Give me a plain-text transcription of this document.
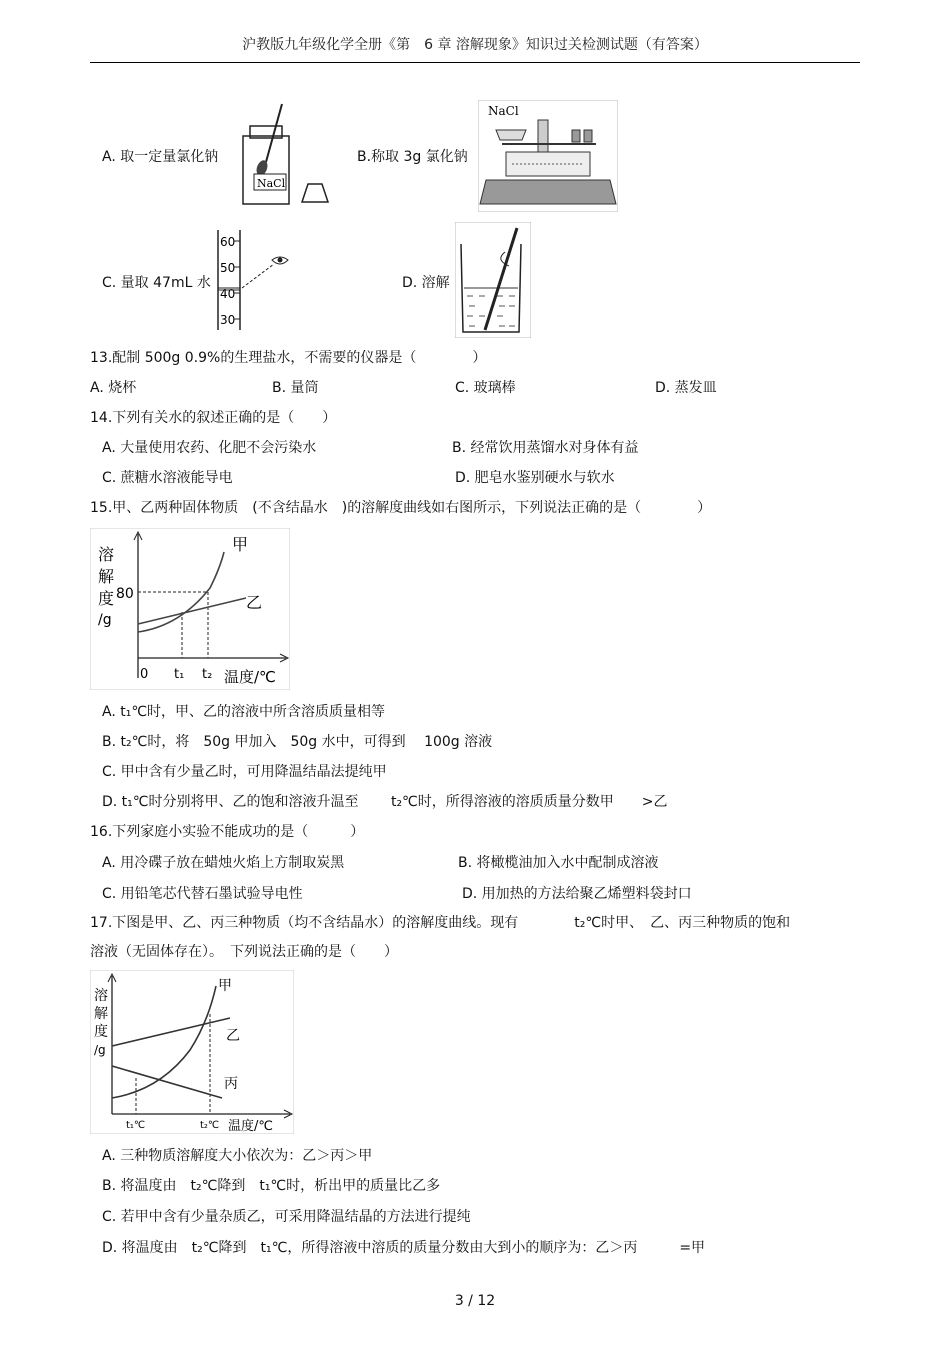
沪教版九年级化学全册《第　6 章 溶解现象》知识过关检测试题（有答案）
A. 取一定量氯化钠
NaCl
B.称取 3g 氯化钠
NaCl
C. 量取 47mL 水
60
50
40
30
D. 溶解
13.配制 500g 0.9%的生理盐水，不需要的仪器是（　　　　）
A. 烧杯	B. 量筒	C. 玻璃棒	D. 蒸发皿
14.下列有关水的叙述正确的是（　　）
A. 大量使用农药、化肥不会污染水	B. 经常饮用蒸馏水对身体有益
C. 蔗糖水溶液能导电	D. 肥皂水鉴别硬水与软水
15.甲、乙两种固体物质　(不含结晶水　)的溶解度曲线如右图所示，下列说法正确的是（　　　　）
溶
解
度
/g
80
甲
乙
0 t₁ t₂ 温度/℃
A. t₁℃时，甲、乙的溶液中所含溶质质量相等
B. t₂℃时，将　50g 甲加入　50g 水中，可得到　 100g 溶液
C. 甲中含有少量乙时，可用降温结晶法提纯甲
D. t₁℃时分别将甲、乙的饱和溶液升温至　　 t₂℃时，所得溶液的溶质质量分数甲　　>乙
16.下列家庭小实验不能成功的是（　　　）
A. 用冷碟子放在蜡烛火焰上方制取炭黑	B. 将橄榄油加入水中配制成溶液
C. 用铅笔芯代替石墨试验导电性	D. 用加热的方法给聚乙烯塑料袋封口
17.下图是甲、乙、丙三种物质（均不含结晶水）的溶解度曲线。现有　　　　t₂℃时甲、　乙、丙三种物质的饱和
溶液（无固体存在）。　下列说法正确的是（　　）
溶
解
度
/g
甲
乙
丙
t₁℃	t₂℃ 温度/℃
A. 三种物质溶解度大小依次为：乙＞丙＞甲
B. 将温度由　t₂℃降到　t₁℃时，析出甲的质量比乙多
C. 若甲中含有少量杂质乙，可采用降温结晶的方法进行提纯
D. 将温度由　t₂℃降到　t₁℃，所得溶液中溶质的质量分数由大到小的顺序为：乙＞丙　　　=甲
3 / 12
